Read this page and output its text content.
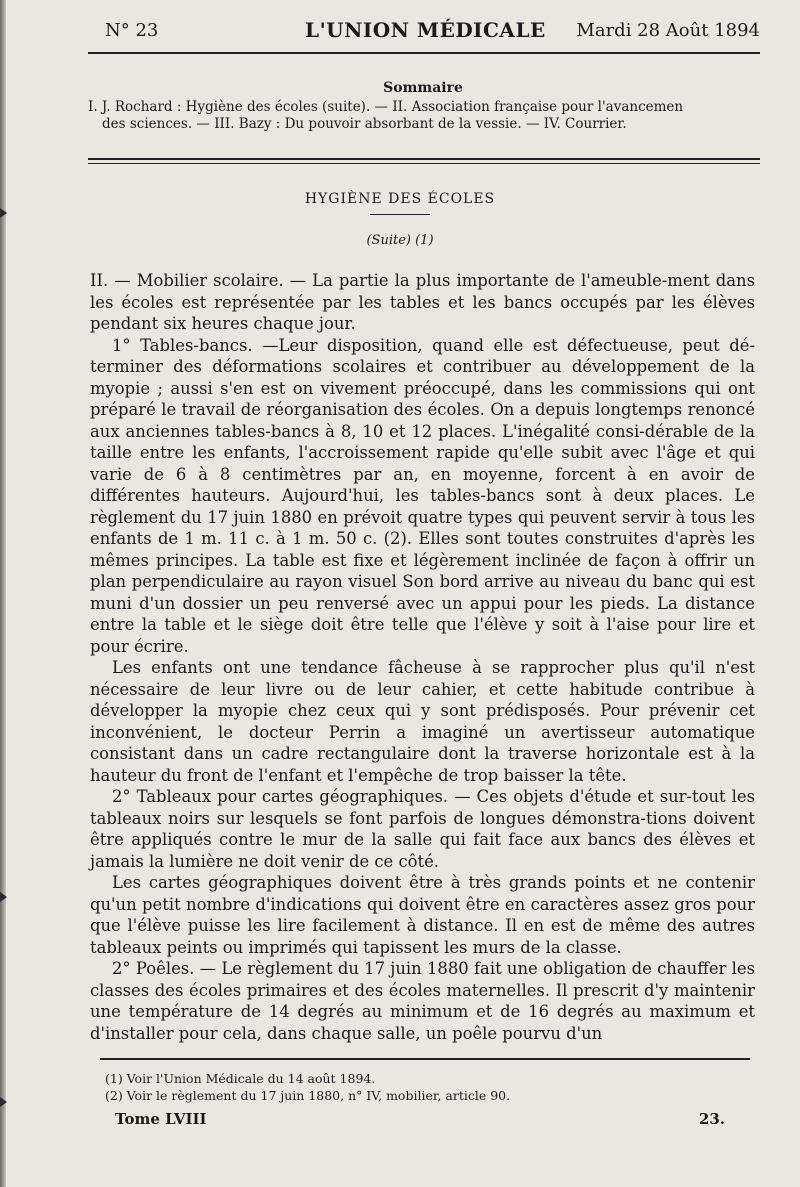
N° 23	L'UNION MÉDICALE Mardi 28 Août 1894
Sommaire

I. J. Rochard : Hygiène des écoles (suite). — II. Association française pour l'avancemen

des sciences. — III. Bazy : Du pouvoir absorbant de la vessie. — IV. Courrier.

HYGIÈNE DES ÉCOLES
(Suite) (1)

II. — Mobilier scolaire. — La partie la plus importante de l'ameuble-ment dans les écoles est représentée par les tables et les bancs occupés par les élèves pendant six heures chaque jour.

1° Tables-bancs. —Leur disposition, quand elle est défectueuse, peut dé-terminer des déformations scolaires et contribuer au développement de la myopie ; aussi s'en est on vivement préoccupé, dans les commissions qui ont préparé le travail de réorganisation des écoles. On a depuis longtemps renoncé aux anciennes tables-bancs à 8, 10 et 12 places. L'inégalité consi-dérable de la taille entre les enfants, l'accroissement rapide qu'elle subit avec l'âge et qui varie de 6 à 8 centimètres par an, en moyenne, forcent à en avoir de différentes hauteurs. Aujourd'hui, les tables-bancs sont à deux places. Le règlement du 17 juin 1880 en prévoit quatre types qui peuvent servir à tous les enfants de 1 m. 11 c. à 1 m. 50 c. (2). Elles sont toutes construites d'après les mêmes principes. La table est fixe et légèrement inclinée de façon à offrir un plan perpendiculaire au rayon visuel Son bord arrive au niveau du banc qui est muni d'un dossier un peu renversé avec un appui pour les pieds. La distance entre la table et le siège doit être telle que l'élève y soit à l'aise pour lire et pour écrire.

Les enfants ont une tendance fâcheuse à se rapprocher plus qu'il n'est nécessaire de leur livre ou de leur cahier, et cette habitude contribue à développer la myopie chez ceux qui y sont prédisposés. Pour prévenir cet inconvénient, le docteur Perrin a imaginé un avertisseur automatique consistant dans un cadre rectangulaire dont la traverse horizontale est à la hauteur du front de l'enfant et l'empêche de trop baisser la tête.

2° Tableaux pour cartes géographiques. — Ces objets d'étude et sur-tout les tableaux noirs sur lesquels se font parfois de longues démonstra-tions doivent être appliqués contre le mur de la salle qui fait face aux bancs des élèves et jamais la lumière ne doit venir de ce côté.

Les cartes géographiques doivent être à très grands points et ne contenir qu'un petit nombre d'indications qui doivent être en caractères assez gros pour que l'élève puisse les lire facilement à distance. Il en est de même des autres tableaux peints ou imprimés qui tapissent les murs de la classe.

2° Poêles. — Le règlement du 17 juin 1880 fait une obligation de chauffer les classes des écoles primaires et des écoles maternelles. Il prescrit d'y maintenir une température de 14 degrés au minimum et de 16 degrés au maximum et d'installer pour cela, dans chaque salle, un poêle pourvu d'un

(1) Voir l'Union Médicale du 14 août 1894.

(2) Voir le règlement du 17 juin 1880, n° IV, mobilier, article 90.

Tome LVIII	23.
